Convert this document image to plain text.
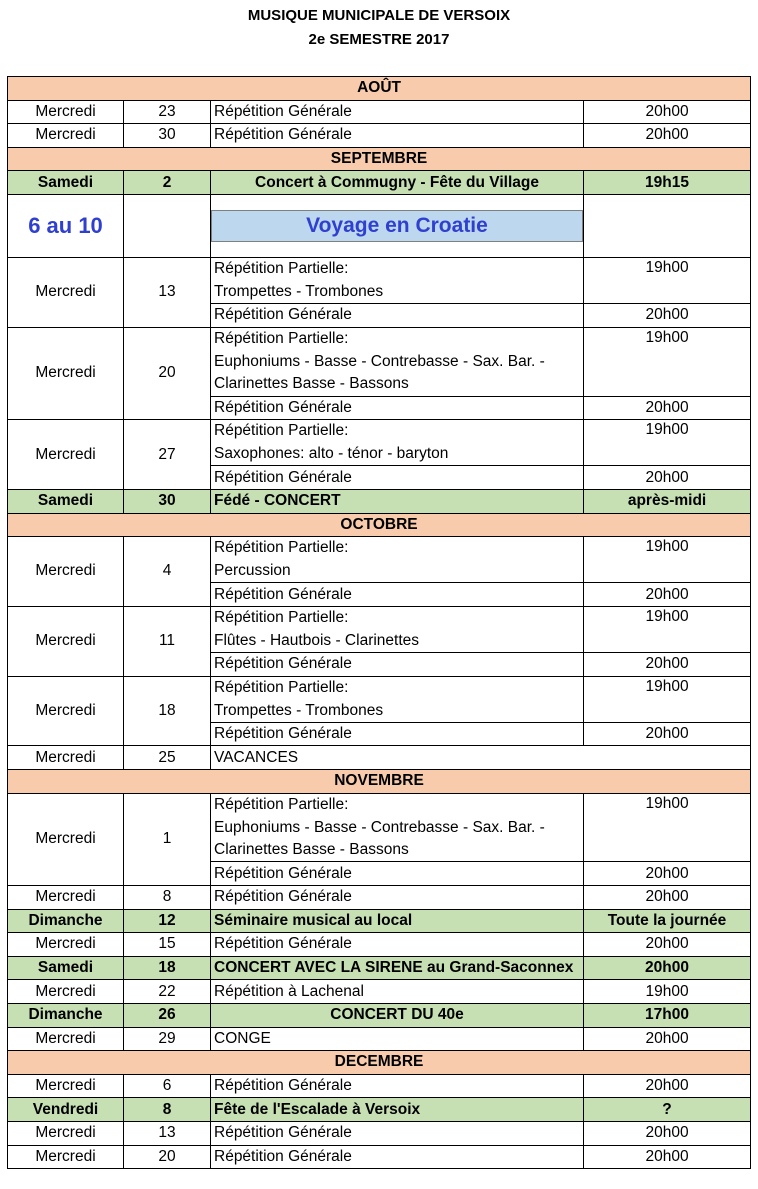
MUSIQUE MUNICIPALE DE VERSOIX
2e SEMESTRE 2017
AOÛT			
Mercredi	23	Répétition Générale	20h00
Mercredi	30	Répétition Générale	20h00
SEPTEMBRE			
Samedi	2	Concert à Commugny - Fête du Village	19h15
6 au 10		Voyage en Croatie	

Mercredi	13	Répétition Partielle:	19h00
		Trompettes - Trombones	
		Répétition Générale	20h00
Mercredi	20	Répétition Partielle:	19h00
		Euphoniums - Basse - Contrebasse - Sax. Bar. -	
		Clarinettes Basse - Bassons	
		Répétition Générale	20h00
Mercredi	27	Répétition Partielle:	19h00
		Saxophones: alto - ténor - baryton	
		Répétition Générale	20h00
Samedi	30	Fédé - CONCERT	après-midi
OCTOBRE			
Mercredi	4	Répétition Partielle:	19h00
		Percussion	
		Répétition Générale	20h00
Mercredi	11	Répétition Partielle:	19h00
		Flûtes - Hautbois - Clarinettes	
		Répétition Générale	20h00
Mercredi	18	Répétition Partielle:	19h00
		Trompettes - Trombones	
		Répétition Générale	20h00
Mercredi	25	VACANCES	
NOVEMBRE			
Mercredi	1	Répétition Partielle:	19h00
		Euphoniums - Basse - Contrebasse - Sax. Bar. -	
		Clarinettes Basse - Bassons	
		Répétition Générale	20h00
Mercredi	8	Répétition Générale	20h00
Dimanche	12	Séminaire musical au local	Toute la journée
Mercredi	15	Répétition Générale	20h00
Samedi	18	CONCERT AVEC LA SIRENE au Grand-Saconnex	20h00
Mercredi	22	Répétition à Lachenal	19h00
Dimanche	26	CONCERT DU 40e	17h00
Mercredi	29	CONGE	20h00
DECEMBRE			
Mercredi	6	Répétition Générale	20h00
Vendredi	8	Fête de l'Escalade à Versoix	?
Mercredi	13	Répétition Générale	20h00
Mercredi	20	Répétition Générale	20h00
